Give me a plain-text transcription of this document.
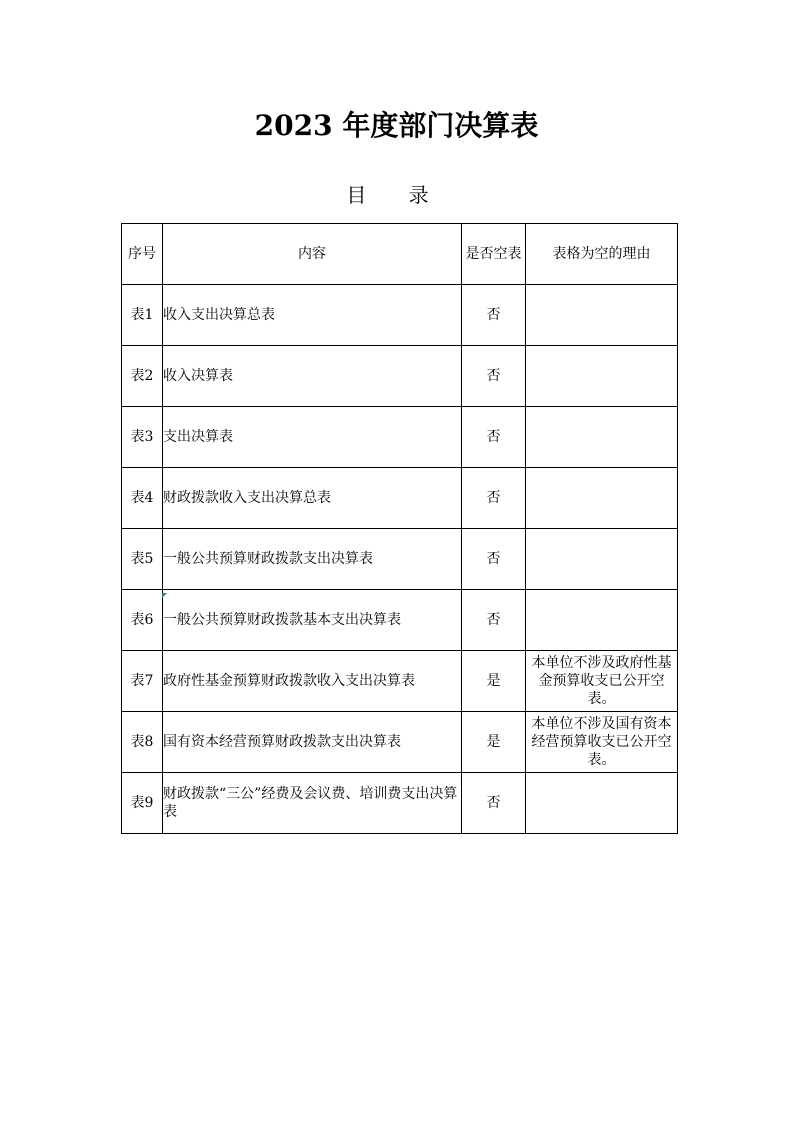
2023 年度部门决算表
目 录
序号	内容	是否空表	表格为空的理由
表1	收入支出决算总表	否	
表2	收入决算表	否	
表3	支出决算表	否	
表4	财政拨款收入支出决算总表	否	
表5	一般公共预算财政拨款支出决算表	否	
表6	一般公共预算财政拨款基本支出决算表	否	
表7	政府性基金预算财政拨款收入支出决算表	是	本单位不涉及政府性基金预算收支已公开空表。
表8	国有资本经营预算财政拨款支出决算表	是	本单位不涉及国有资本经营预算收支已公开空表。
表9	财政拨款“三公”经费及会议费、培训费支出决算表	否	
